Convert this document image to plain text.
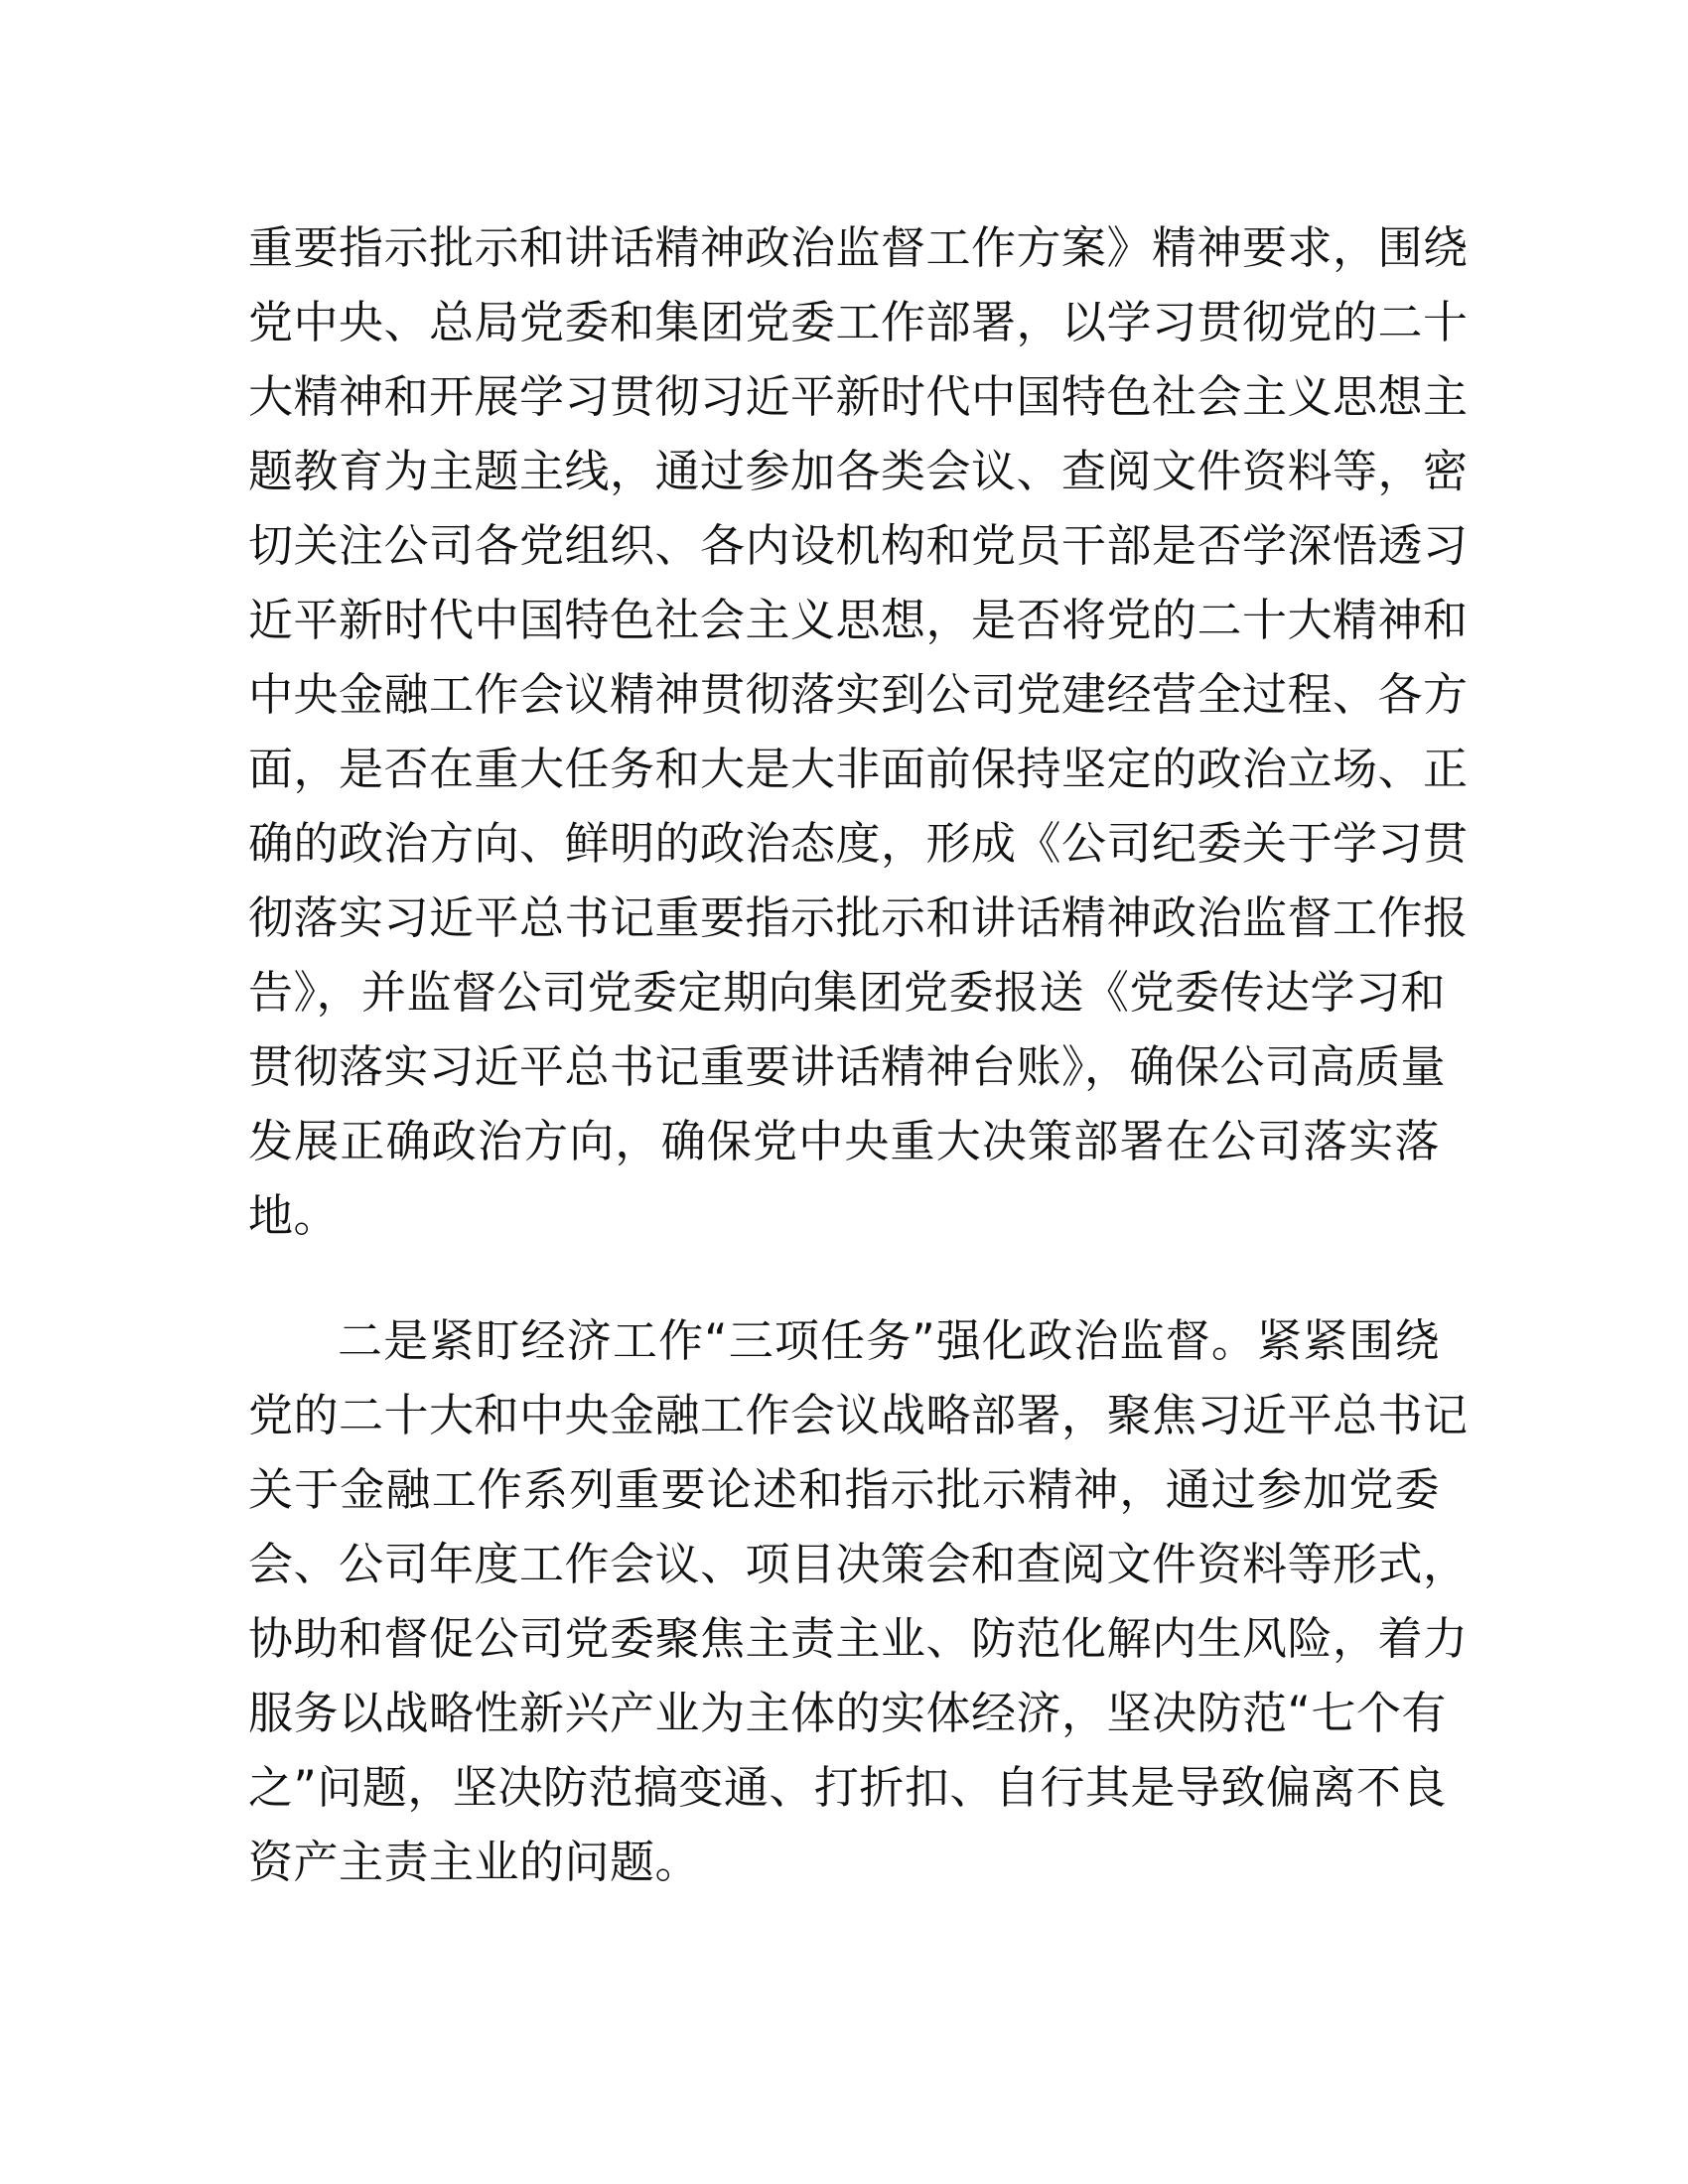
重要指示批示和讲话精神政治监督工作方案》精神要求，围绕
党中央、总局党委和集团党委工作部署，以学习贯彻党的二十
大精神和开展学习贯彻习近平新时代中国特色社会主义思想主
题教育为主题主线，通过参加各类会议、查阅文件资料等，密
切关注公司各党组织、各内设机构和党员干部是否学深悟透习
近平新时代中国特色社会主义思想，是否将党的二十大精神和
中央金融工作会议精神贯彻落实到公司党建经营全过程、各方
面，是否在重大任务和大是大非面前保持坚定的政治立场、正
确的政治方向、鲜明的政治态度，形成《公司纪委关于学习贯
彻落实习近平总书记重要指示批示和讲话精神政治监督工作报
告》，并监督公司党委定期向集团党委报送《党委传达学习和
贯彻落实习近平总书记重要讲话精神台账》，确保公司高质量
发展正确政治方向，确保党中央重大决策部署在公司落实落
地。
二是紧盯经济工作“三项任务”强化政治监督。紧紧围绕
党的二十大和中央金融工作会议战略部署，聚焦习近平总书记
关于金融工作系列重要论述和指示批示精神，通过参加党委
会、公司年度工作会议、项目决策会和查阅文件资料等形式，
协助和督促公司党委聚焦主责主业、防范化解内生风险，着力
服务以战略性新兴产业为主体的实体经济，坚决防范“七个有
之”问题，坚决防范搞变通、打折扣、自行其是导致偏离不良
资产主责主业的问题。
